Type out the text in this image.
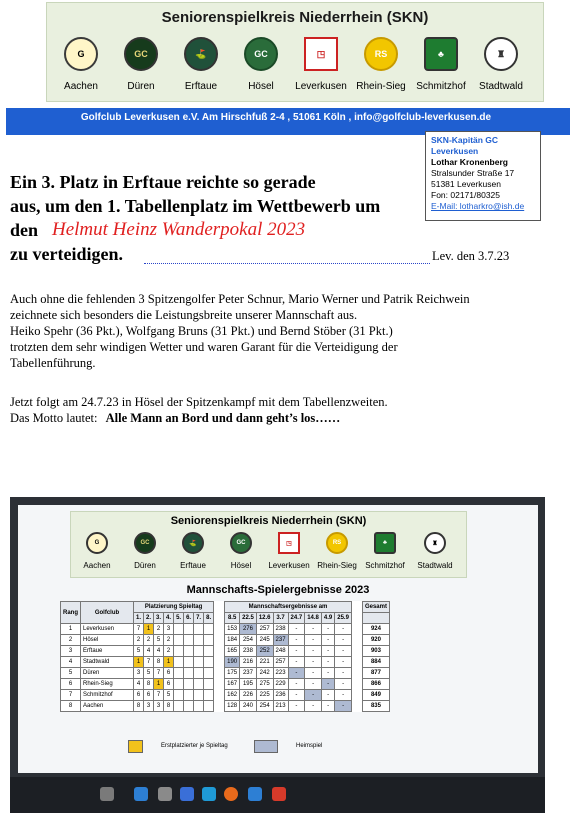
Seniorenspielkreis Niederrhein (SKN)
G
Aachen
GC
Düren
⛳
Erftaue
GC
Hösel
◳
Leverkusen
RS
Rhein-Sieg
♣
Schmitzhof
♜
Stadtwald
Golfclub Leverkusen e.V. Am Hirschfuß 2-4 , 51061 Köln , info@golfclub-leverkusen.de
SKN-Kapitän GC Leverkusen
Lothar Kronenberg
Stralsunder Straße 17
51381 Leverkusen
Fon: 02171/80325
E-Mail: lotharkro@ish.de
Ein 3. Platz in Erftaue reichte so gerade
aus, um den 1. Tabellenplatz im Wettbewerb um
den Helmut Heinz Wanderpokal 2023
zu verteidigen.	Lev. den 3.7.23
Auch ohne die fehlenden 3 Spitzengolfer Peter Schnur, Mario Werner und Patrik Reichwein
zeichnete sich besonders die Leistungsbreite unserer Mannschaft aus.
Heiko Spehr (36 Pkt.), Wolfgang Bruns (31 Pkt.) und Bernd Stöber (31 Pkt.)
trotzten dem sehr windigen Wetter und waren Garant für die Verteidigung der
Tabellenführung.
Jetzt folgt am 24.7.23 in Hösel der Spitzenkampf mit dem Tabellenzweiten.
Das Motto lautet: Alle Mann an Bord und dann geht’s los……
Seniorenspielkreis Niederrhein (SKN)
G
Aachen
GC
Düren
⛳
Erftaue
GC
Hösel
◳
Leverkusen
RS
Rhein-Sieg
♣
Schmitzhof
♜
Stadtwald
Mannschafts-Spielergebnisse 2023
Rang	Golfclub	Platzierung Spieltag									Mannschaftsergebnisse am									Gesamt
		1.	2.	3.	4.	5.	6.	7.	8.		8.5	22.5	12.6	3.7	24.7	14.8	4.9	25.9		
1	Leverkusen	7	1	2	3						153	276	257	238	-	-	-	-		924
2	Hösel	2	2	5	2						184	254	245	237	-	-	-	-		920
3	Erftaue	5	4	4	2						165	238	252	248	-	-	-	-		903
4	Stadtwald	1	7	8	1						190	216	221	257	-	-	-	-		884
5	Düren	3	5	7	6						175	237	242	223	-	-	-	-		877
6	Rhein-Sieg	4	8	1	6						167	195	275	229	-	-	-	-		866
7	Schmitzhof	6	6	7	5						162	226	225	236	-	-	-	-		849
8	Aachen	8	3	3	8						128	240	254	213	-	-	-	-		835
Erstplatzierter je Spieltag	Heimspiel
